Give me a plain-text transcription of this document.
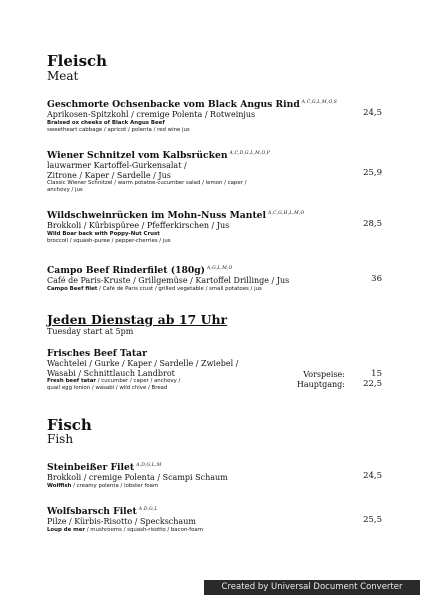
Fleisch
Meat
Geschmorte Ochsenbacke vom Black Angus Rind $^{A,C,G,L,M,O,S}$
Aprikosen-Spitzkohl / cremige Polenta / Rotweinjus
Braised ox cheeks of Black Angus Beef
sweetheart cabbage / apricot / polenta / red wine jus
24,5
Wiener Schnitzel vom Kalbsrücken $^{A,C,D,G,L,M,O,P}$
lauwarmer Kartoffel-Gurkensalat /
Zitrone / Kaper / Sardelle / Jus
Classic Wiener Schnitzel / warm potatoe-cucumber salad / lemon / caper /
anchovy / jus
25,9
Wildschweinrücken im Mohn-Nuss Mantel $^{A,C,G,H,L,M,O}$
Brokkoli / Kürbispüree / Pfefferkirschen / Jus
Wild Boar back with Poppy-Nut Crust
broccoli / squash-puree / pepper-cherries / jus
28,5
Campo Beef Rinderfilet (180g) $^{A,G,L,M,O}$
Café de Paris-Kruste / Grillgemüse / Kartoffel Drillinge / Jus
Campo Beef filet / Café de Paris crust / grilled vegetable / small potatoes / jus
36
Jeden Dienstag ab 17 Uhr
Tuesday start at 5pm
Frisches Beef Tatar
Wachtelei / Gurke / Kaper / Sardelle / Zwiebel /
Wasabi / Schnittlauch Landbrot
Fresh beef tatar / cucumber / caper / anchovy /
quail egg lonion / wasabi / wild chive / Bread
Vorspeise:
Hauptgang:
15
22,5
Fisch
Fish
Steinbeißer Filet $^{A,D,G,L,M}$
Brokkoli / cremige Polenta / Scampi Schaum
Wolffish / creamy polenta / lobster foam
24,5
Wolfsbarsch Filet $^{A,D,G,L}$
Pilze / Kürbis-Risotto / Speckschaum
Loup de mer / mushrooms / squash-risotto / bacon-foam
25,5
Created by Universal Document Converter
